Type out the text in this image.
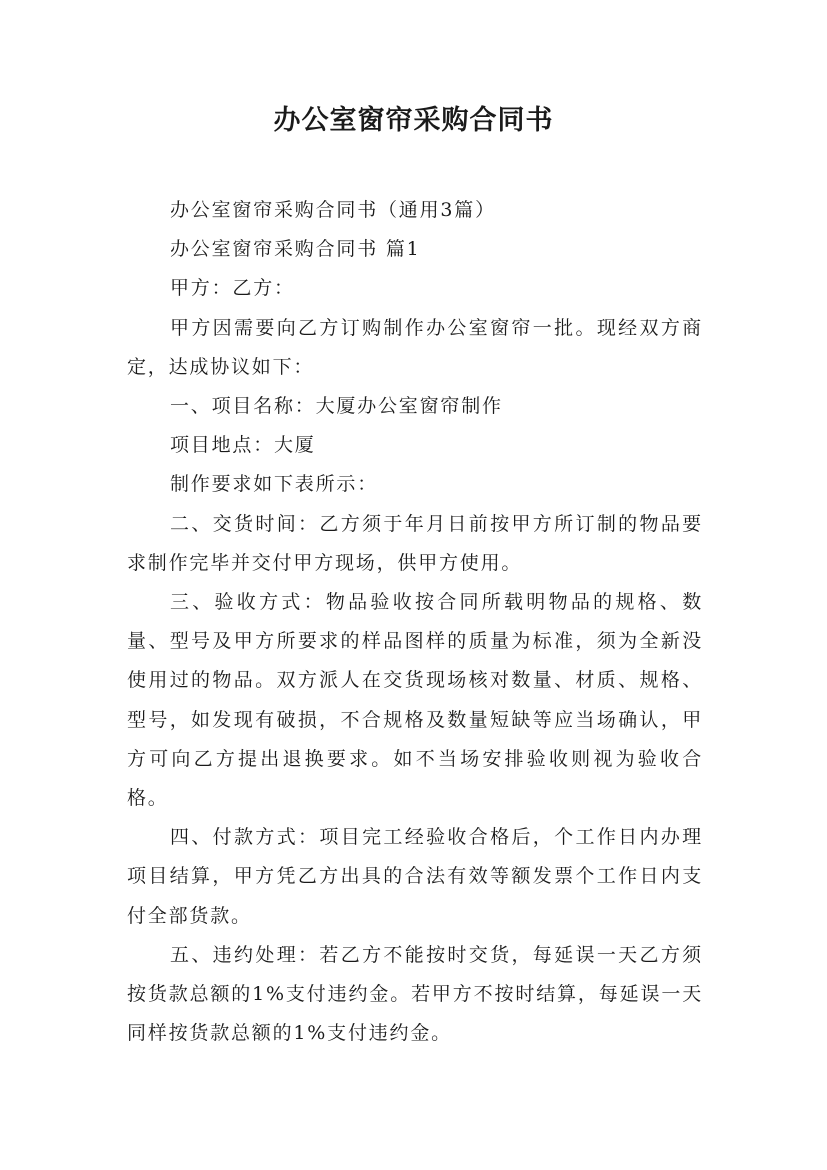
办公室窗帘采购合同书

办公室窗帘采购合同书（通用3篇）

办公室窗帘采购合同书 篇1

甲方：乙方：

甲方因需要向乙方订购制作办公室窗帘一批。现经双方商定，达成协议如下：

一、项目名称：大厦办公室窗帘制作

项目地点：大厦

制作要求如下表所示：

二、交货时间：乙方须于年月日前按甲方所订制的物品要求制作完毕并交付甲方现场，供甲方使用。

三、验收方式：物品验收按合同所载明物品的规格、数量、型号及甲方所要求的样品图样的质量为标准，须为全新没使用过的物品。双方派人在交货现场核对数量、材质、规格、型号，如发现有破损，不合规格及数量短缺等应当场确认，甲方可向乙方提出退换要求。如不当场安排验收则视为验收合格。

四、付款方式：项目完工经验收合格后，个工作日内办理项目结算，甲方凭乙方出具的合法有效等额发票个工作日内支付全部货款。

五、违约处理：若乙方不能按时交货，每延误一天乙方须按货款总额的1%支付违约金。若甲方不按时结算，每延误一天同样按货款总额的1%支付违约金。
